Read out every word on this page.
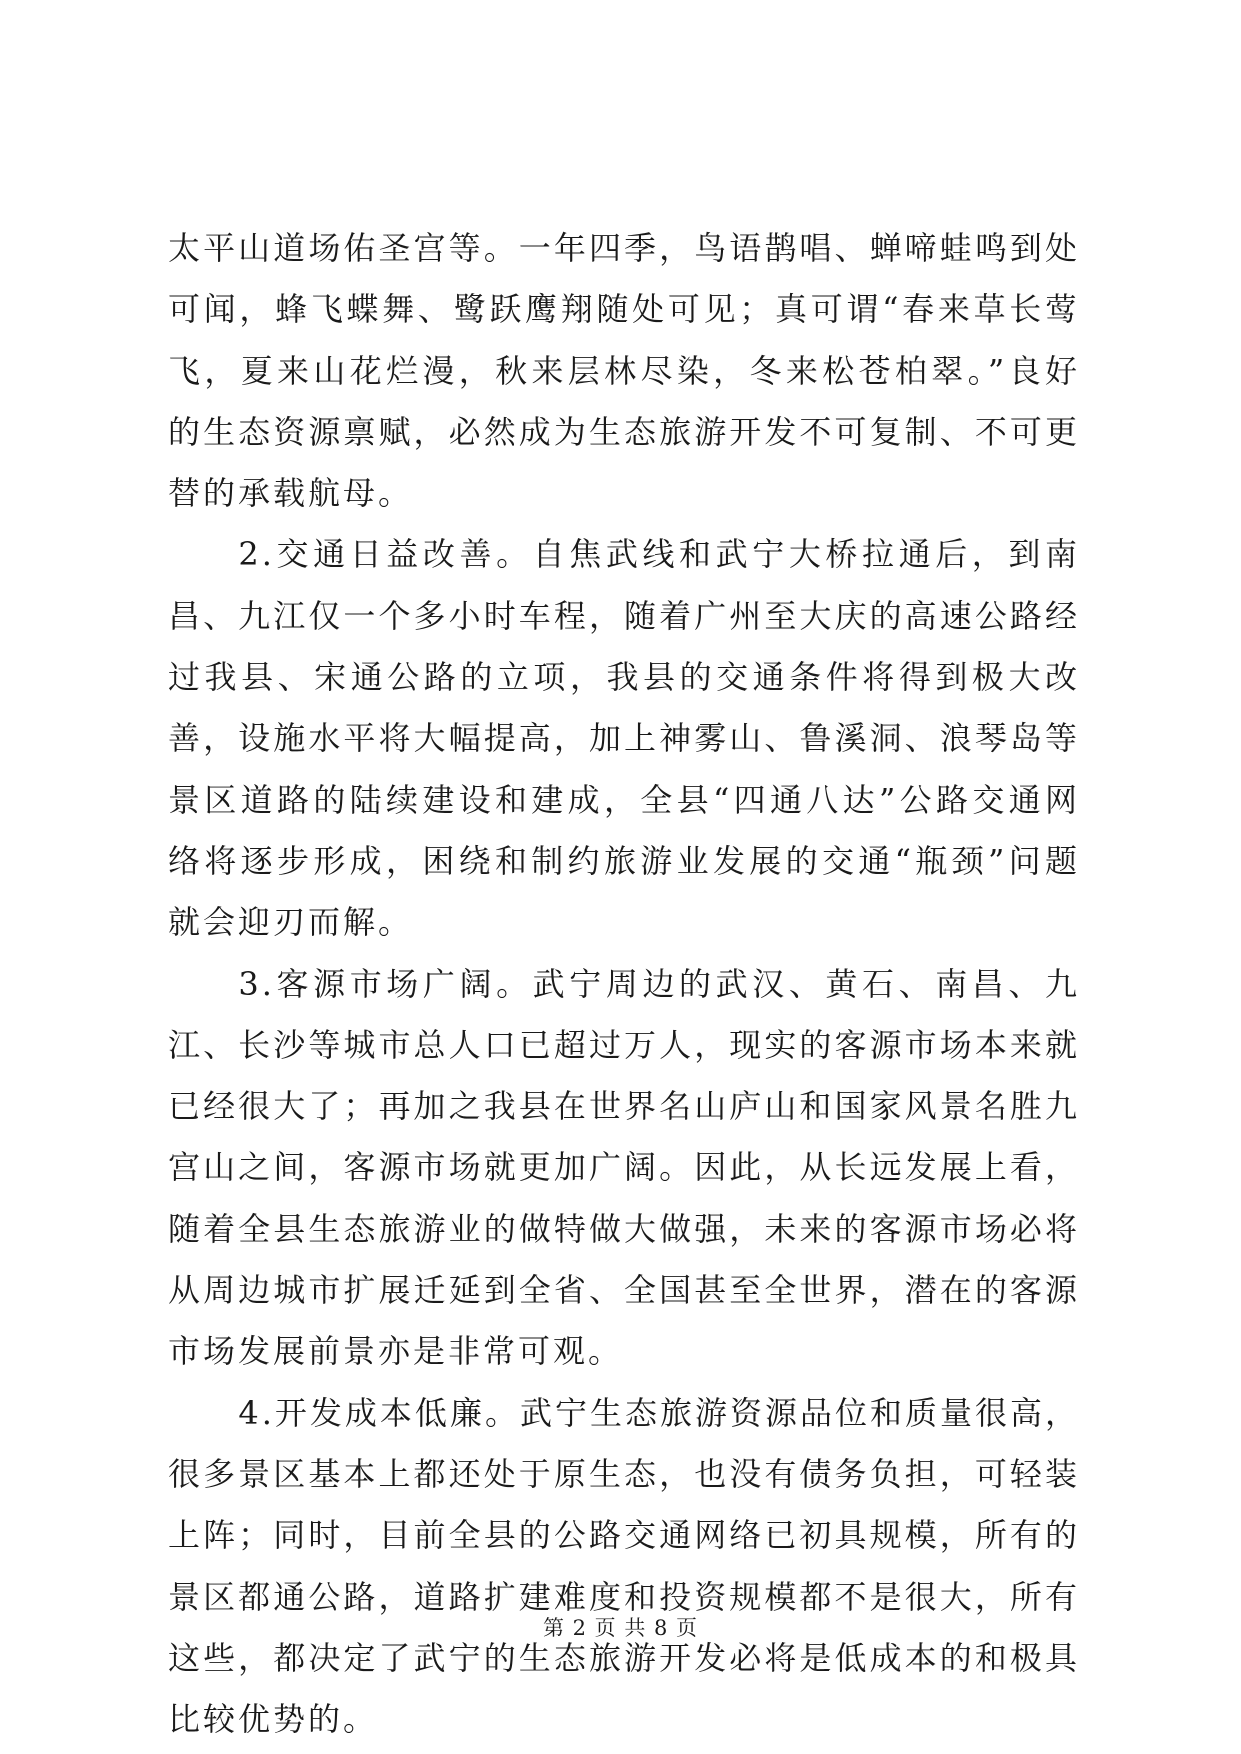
太平山道场佑圣宫等。一年四季，鸟语鹊唱、蝉啼蛙鸣到处可闻，蜂飞蝶舞、鹭跃鹰翔随处可见；真可谓“春来草长莺飞，夏来山花烂漫，秋来层林尽染，冬来松苍柏翠。”良好的生态资源禀赋，必然成为生态旅游开发不可复制、不可更替的承载航母。

2.交通日益改善。自焦武线和武宁大桥拉通后，到南昌、九江仅一个多小时车程，随着广州至大庆的高速公路经过我县、宋通公路的立项，我县的交通条件将得到极大改善，设施水平将大幅提高，加上神雾山、鲁溪洞、浪琴岛等景区道路的陆续建设和建成，全县“四通八达”公路交通网络将逐步形成，困绕和制约旅游业发展的交通“瓶颈”问题就会迎刃而解。

3.客源市场广阔。武宁周边的武汉、黄石、南昌、九江、长沙等城市总人口已超过万人，现实的客源市场本来就已经很大了；再加之我县在世界名山庐山和国家风景名胜九宫山之间，客源市场就更加广阔。因此，从长远发展上看，随着全县生态旅游业的做特做大做强，未来的客源市场必将从周边城市扩展迁延到全省、全国甚至全世界，潜在的客源市场发展前景亦是非常可观。

4.开发成本低廉。武宁生态旅游资源品位和质量很高，很多景区基本上都还处于原生态，也没有债务负担，可轻装上阵；同时，目前全县的公路交通网络已初具规模，所有的景区都通公路，道路扩建难度和投资规模都不是很大，所有这些，都决定了武宁的生态旅游开发必将是低成本的和极具比较优势的。

第 2 页 共 8 页
